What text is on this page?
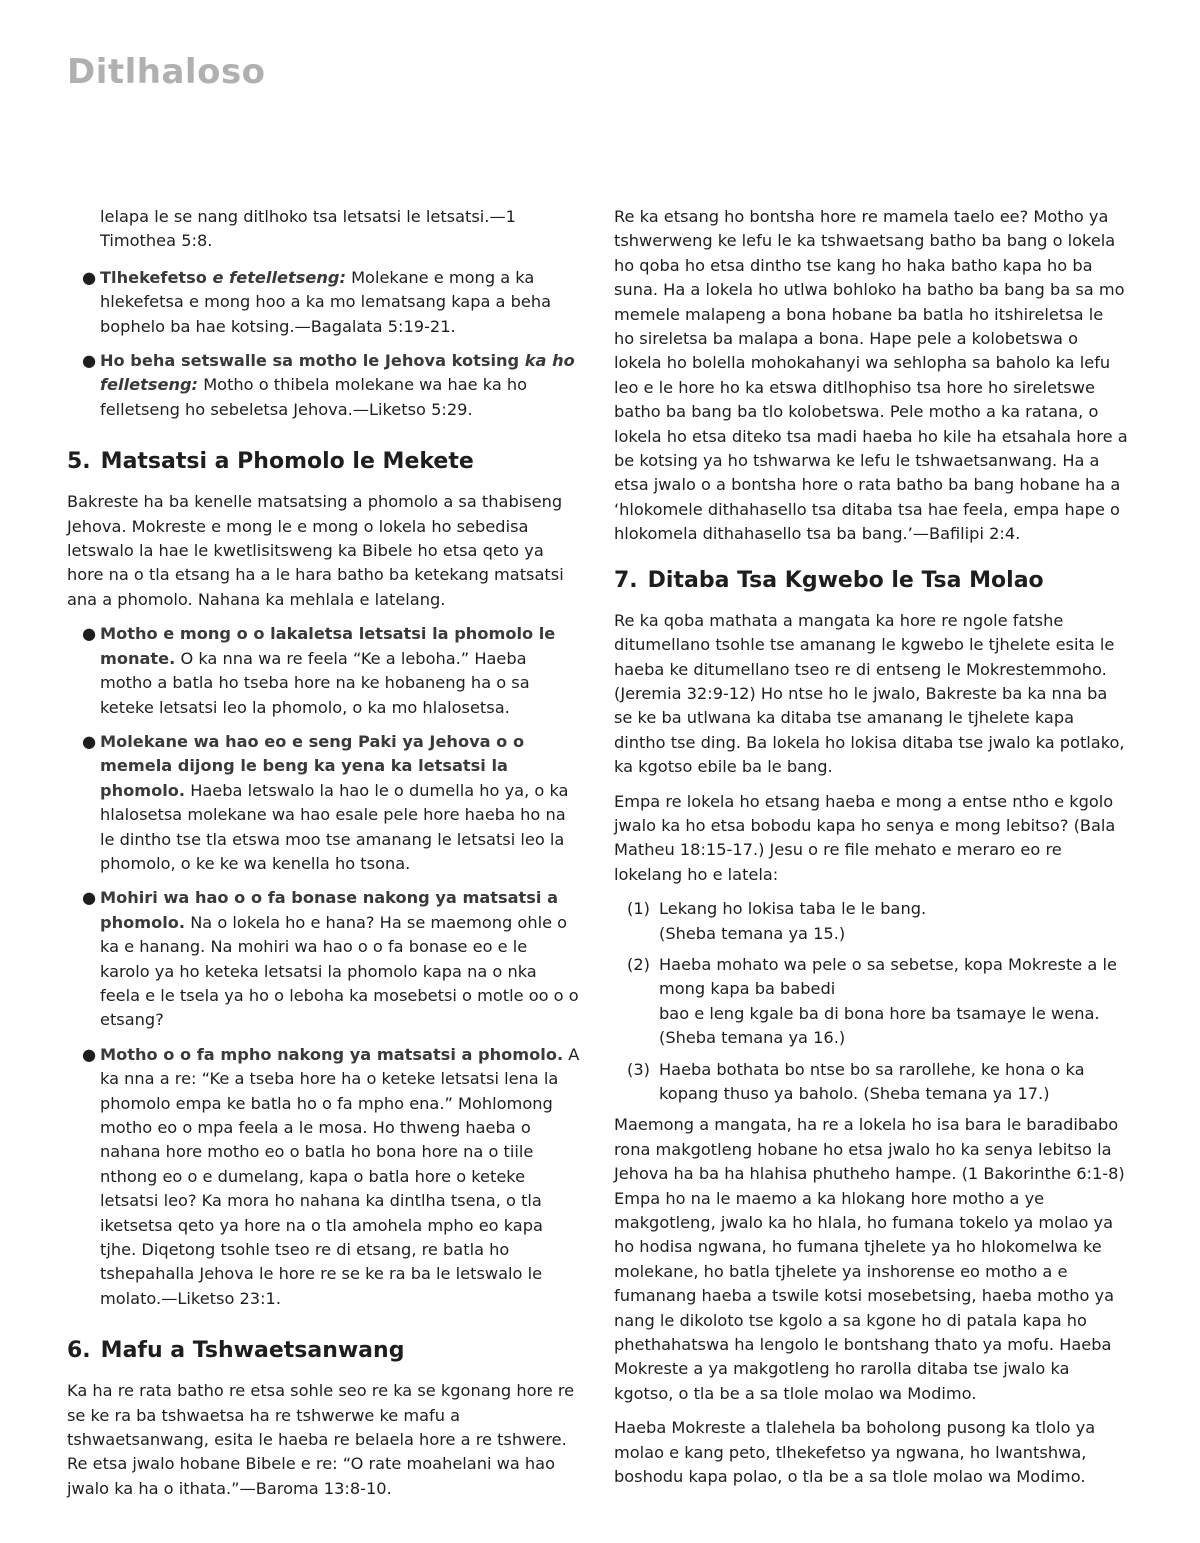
Ditlhaloso

lelapa le se nang ditlhoko tsa letsatsi le letsatsi.—1 Timothea 5:8.

● Tlhekefetso e fetelletseng: Molekane e mong a ka hlekefetsa e mong hoo a ka mo lematsang kapa a beha bophelo ba hae kotsing.—Bagalata 5:19-21.
● Ho beha setswalle sa motho le Jehova kotsing ka ho felletseng: Motho o thibela molekane wa hae ka ho felletseng ho sebeletsa Jehova.—Liketso 5:29.
5. Matsatsi a Phomolo le Mekete

Bakreste ha ba kenelle matsatsing a phomolo a sa thabiseng Jehova. Mokreste e mong le e mong o lokela ho sebedisa letswalo la hae le kwetlisitsweng ka Bibele ho etsa qeto ya hore na o tla etsang ha a le hara batho ba ketekang matsatsi ana a phomolo. Nahana ka mehlala e latelang.

● Motho e mong o o lakaletsa letsatsi la phomolo le monate. O ka nna wa re feela “Ke a leboha.” Haeba motho a batla ho tseba hore na ke hobaneng ha o sa keteke letsatsi leo la phomolo, o ka mo hlalosetsa.
● Molekane wa hao eo e seng Paki ya Jehova o o memela dijong le beng ka yena ka letsatsi la phomolo. Haeba letswalo la hao le o dumella ho ya, o ka hlalosetsa molekane wa hao esale pele hore haeba ho na le dintho tse tla etswa moo tse amanang le letsatsi leo la phomolo, o ke ke wa kenella ho tsona.
● Mohiri wa hao o o fa bonase nakong ya matsatsi a phomolo. Na o lokela ho e hana? Ha se maemong ohle o ka e hanang. Na mohiri wa hao o o fa bonase eo e le karolo ya ho keteka letsatsi la phomolo kapa na o nka feela e le tsela ya ho o leboha ka mosebetsi o motle oo o o etsang?
● Motho o o fa mpho nakong ya matsatsi a phomolo. A ka nna a re: “Ke a tseba hore ha o keteke letsatsi lena la phomolo empa ke batla ho o fa mpho ena.” Mohlomong motho eo o mpa feela a le mosa. Ho thweng haeba o nahana hore motho eo o batla ho bona hore na o tiile nthong eo o e dumelang, kapa o batla hore o keteke letsatsi leo? Ka mora ho nahana ka dintlha tsena, o tla iketsetsa qeto ya hore na o tla amohela mpho eo kapa tjhe. Diqetong tsohle tseo re di etsang, re batla ho tshepahalla Jehova le hore re se ke ra ba le letswalo le molato.—Liketso 23:1.
6. Mafu a Tshwaetsanwang

Ka ha re rata batho re etsa sohle seo re ka se kgonang hore re se ke ra ba tshwaetsa ha re tshwerwe ke mafu a tshwaetsanwang, esita le haeba re belaela hore a re tshwere. Re etsa jwalo hobane Bibele e re: “O rate moahelani wa hao jwalo ka ha o ithata.”—Baroma 13:8-10.

Re ka etsang ho bontsha hore re mamela taelo ee? Motho ya tshwerweng ke lefu le ka tshwaetsang batho ba bang o lokela ho qoba ho etsa dintho tse kang ho haka batho kapa ho ba suna. Ha a lokela ho utlwa bohloko ha batho ba bang ba sa mo memele malapeng a bona hobane ba batla ho itshireletsa le ho sireletsa ba malapa a bona. Hape pele a kolobetswa o lokela ho bolella mohokahanyi wa sehlopha sa baholo ka lefu leo e le hore ho ka etswa ditlhophiso tsa hore ho sireletswe batho ba bang ba tlo kolobetswa. Pele motho a ka ratana, o lokela ho etsa diteko tsa madi haeba ho kile ha etsahala hore a be kotsing ya ho tshwarwa ke lefu le tshwaetsanwang. Ha a etsa jwalo o a bontsha hore o rata batho ba bang hobane ha a ‘hlokomele dithahasello tsa ditaba tsa hae feela, empa hape o hlokomela dithahasello tsa ba bang.’—Bafilipi 2:4.

7. Ditaba Tsa Kgwebo le Tsa Molao

Re ka qoba mathata a mangata ka hore re ngole fatshe ditumellano tsohle tse amanang le kgwebo le tjhelete esita le haeba ke ditumellano tseo re di entseng le Mokrestemmoho. (Jeremia 32:9-12) Ho ntse ho le jwalo, Bakreste ba ka nna ba se ke ba utlwana ka ditaba tse amanang le tjhelete kapa dintho tse ding. Ba lokela ho lokisa ditaba tse jwalo ka potlako, ka kgotso ebile ba le bang.

Empa re lokela ho etsang haeba e mong a entse ntho e kgolo jwalo ka ho etsa bobodu kapa ho senya e mong lebitso? (Bala Matheu 18:15-17.) Jesu o re file mehato e meraro eo re lokelang ho e latela:

(1) Lekang ho lokisa taba le le bang.
(Sheba temana ya 15.)
(2) Haeba mohato wa pele o sa sebetse, kopa Mokreste a le mong kapa ba babedi
bao e leng kgale ba di bona hore ba tsamaye le wena.
(Sheba temana ya 16.)
(3) Haeba bothata bo ntse bo sa rarollehe, ke hona o ka kopang thuso ya baholo. (Sheba temana ya 17.)

Maemong a mangata, ha re a lokela ho isa bara le baradibabo rona makgotleng hobane ho etsa jwalo ho ka senya lebitso la Jehova ha ba ha hlahisa phutheho hampe. (1 Bakorinthe 6:1-8) Empa ho na le maemo a ka hlokang hore motho a ye makgotleng, jwalo ka ho hlala, ho fumana tokelo ya molao ya ho hodisa ngwana, ho fumana tjhelete ya ho hlokomelwa ke molekane, ho batla tjhelete ya inshorense eo motho a e fumanang haeba a tswile kotsi mosebetsing, haeba motho ya nang le dikoloto tse kgolo a sa kgone ho di patala kapa ho phethahatswa ha lengolo le bontshang thato ya mofu. Haeba Mokreste a ya makgotleng ho rarolla ditaba tse jwalo ka kgotso, o tla be a sa tlole molao wa Modimo.

Haeba Mokreste a tlalehela ba boholong pusong ka tlolo ya molao e kang peto, tlhekefetso ya ngwana, ho lwantshwa, boshodu kapa polao, o tla be a sa tlole molao wa Modimo.
